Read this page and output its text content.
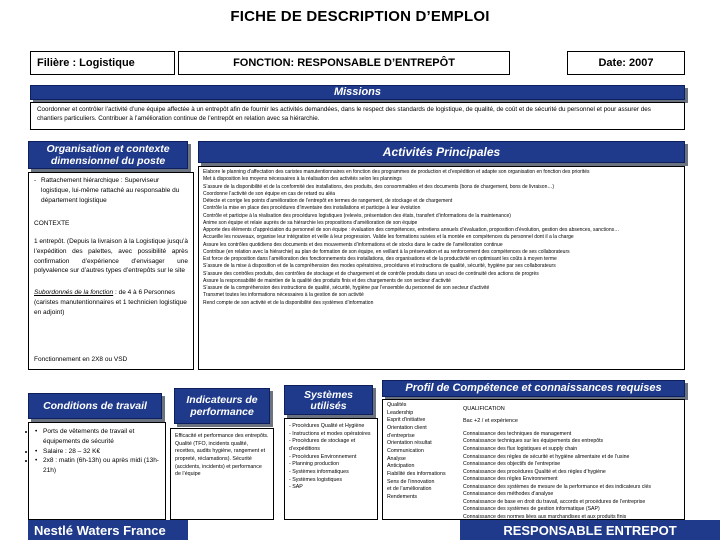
FICHE DE DESCRIPTION D’EMPLOI
Filière : Logistique	FONCTION: RESPONSABLE D’ENTREPÔT	Date: 2007
Missions
Coordonner et contrôler l’activité d’une équipe affectée à un entrepôt afin de fournir les activités demandées, dans le respect des standards de logistique, de qualité, de coût et de sécurité du personnel et pour assurer des chantiers particuliers. Contribuer à l’amélioration continue de l’entrepôt en relation avec sa hiérarchie.
Organisation et contexte dimensionnel du poste
- Rattachement hiérarchique : Superviseur logistique, lui-même rattaché au responsable du département logistique
CONTEXTE
1 entrepôt. (Depuis la livraison à la Logistique jusqu’à l’expédition des palettes, avec possibilité après confirmation d’expérience d’envisager une polyvalence sur d’autres types d’entrepôts sur le site
Subordonnés de la fonction : de 4 à 6 Personnes (caristes manutentionnaires et 1 technicien logistique en adjoint)
Fonctionnement en 2X8 ou VSD
Activités Principales
Elabore le planning d’affectation des caristes manutentionnaires en fonction des programmes de production et d’expédition et adapte son organisation en fonction des priorités
Met à disposition les moyens nécessaires à la réalisation des activités selon les plannings
S’assure de la disponibilité et de la conformité des installations, des produits, des consommables et des documents (bons de chargement, bons de livraison…)
Coordonne l’activité de son équipe en cas de retard ou aléa
Détecte et corrige les points d’amélioration de l’entrepôt en termes de rangement, de stockage et de chargement
Contrôle la mise en place des procédures d’inventaire des installations et participe à leur évolution
Contrôle et participe à la réalisation des procédures logistiques (relevés, présentation des états, transfert d’informations de la maintenance)
Anime son équipe et relaie auprès de sa hiérarchie les propositions d’amélioration de son équipe
Apporte des éléments d’appréciation du personnel de son équipe : évaluation des compétences, entretiens annuels d’évaluation, proposition d’évolution, gestion des absences, sanctions…
Accueille les nouveaux, organise leur intégration et veille à leur progression. Valide les formations suivies et la montée en compétences du personnel dont il a la charge
Assure les contrôles quotidiens des documents et des mouvements d’informations et de stocks dans le cadre de l’amélioration continue
Contribue (en relation avec la hiérarchie) au plan de formation de son équipe, en veillant à la préservation et au renforcement des compétences de ses collaborateurs
Est force de proposition dans l’amélioration des fonctionnements des installations, des organisations et de la productivité en optimisant les coûts à moyen terme
S’assure de la mise à disposition et de la compréhension des modes opératoires, procédures et instructions de qualité, sécurité, hygiène par ses collaborateurs
S’assure des contrôles produits, des contrôles de stockage et de chargement et de contrôle produits dans un souci de continuité des actions de progrès
Assure la responsabilité de maintien de la qualité des produits finis et des chargements de son secteur d’activité
S’assure de la compréhension des instructions de qualité, sécurité, hygiène par l’ensemble du personnel de son secteur d’activité
Transmet toutes les informations nécessaires à la gestion de son activité
Rend compte de son activité et de la disponibilité des systèmes d’information
Conditions de travail
• • Ports de vêtements de travail et équipements de sécurité
• • Salaire : 28 – 32 K€
• • 2x8 : matin (6h-13h) ou après midi (13h-21h)
Indicateurs de performance
Efficacité et performance des entrepôts. Qualité (TFO, incidents qualité, recettes, audits hygiène, rangement et propreté, réclamations). Sécurité (accidents, incidents) et performance de l’équipe
Systèmes utilisés
- Procédures Qualité et Hygiène
- Instructions et modes opératoires
- Procédures de stockage et d’expéditions
- Procédures Environnement
- Planning production
- Systèmes informatiques
- Systèmes logistiques
- SAP
Profil de Compétence et connaissances requises
Qualités
Leadership
Esprit d’initiative
Orientation client
d’entreprise
Orientation résultat
Communication
Analyse
Anticipation
Fiabilité des informations
Sens de l’innovation
et de l’amélioration
Rendements
QUALIFICATION
Bac +2 / et expérience
Connaissance des techniques de management
Connaissance techniques sur les équipements des entrepôts
Connaissance des flux logistiques et supply chain
Connaissance des règles de sécurité et hygiène alimentaire et de l’usine
Connaissance des objectifs de l’entreprise
Connaissance des procédures Qualité et des règles d’hygiène
Connaissance des règles Environnement
Connaissance des systèmes de mesure de la performance et des indicateurs clés
Connaissance des méthodes d’analyse
Connaissance de base en droit du travail, accords et procédures de l’entreprise
Connaissance des systèmes de gestion informatique (SAP)
Connaissance des normes liées aux marchandises et aux produits finis
Nestlé Waters France	RESPONSABLE ENTREPOT
